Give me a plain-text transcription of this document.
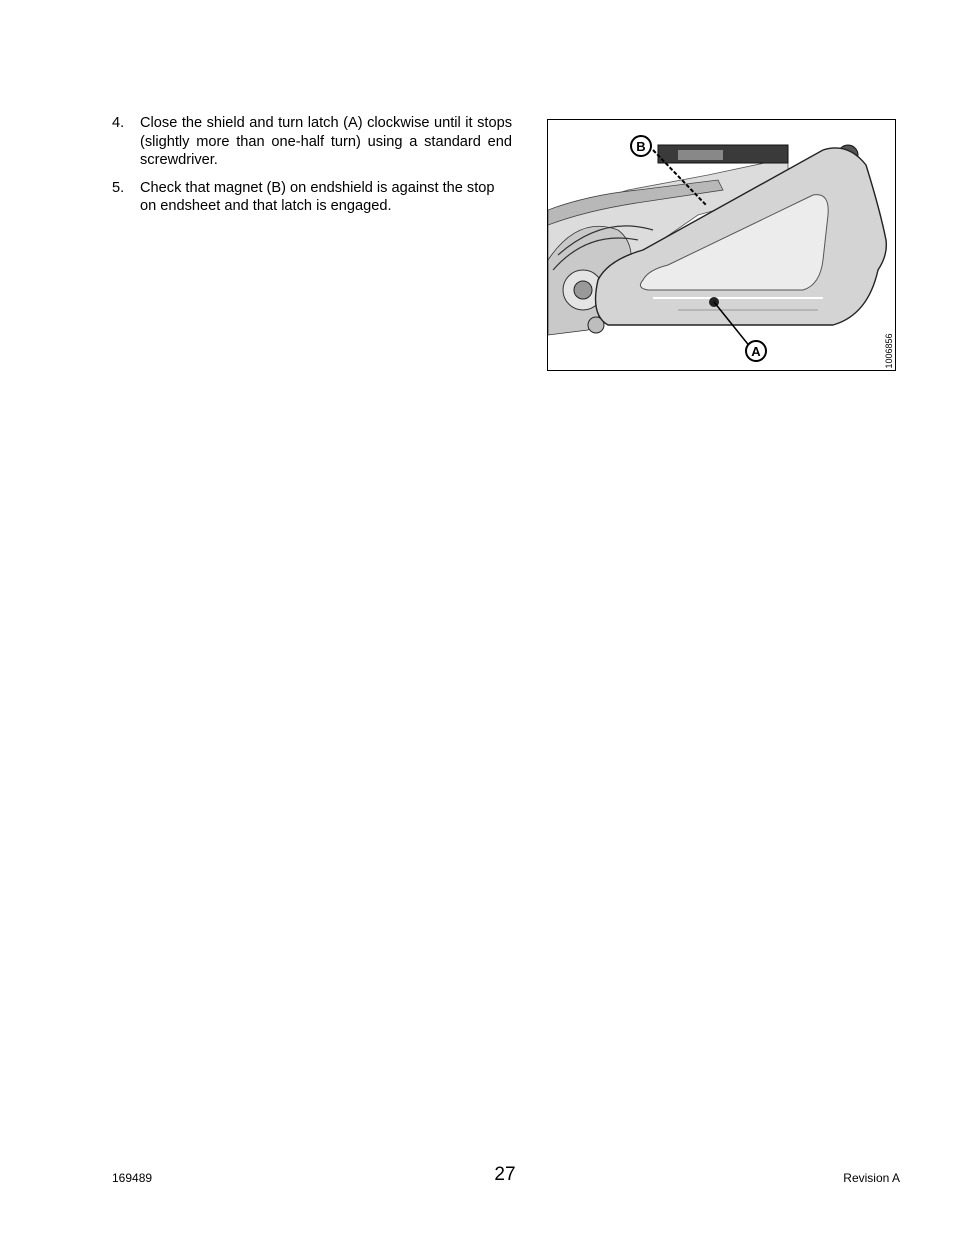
4.	Close the shield and turn latch (A) clockwise until it stops (slightly more than one-half turn) using a standard end screwdriver.
5.	Check that magnet (B) on endshield is against the stop on endsheet and that latch is engaged.
B
A	1006856
169489	27	Revision A
